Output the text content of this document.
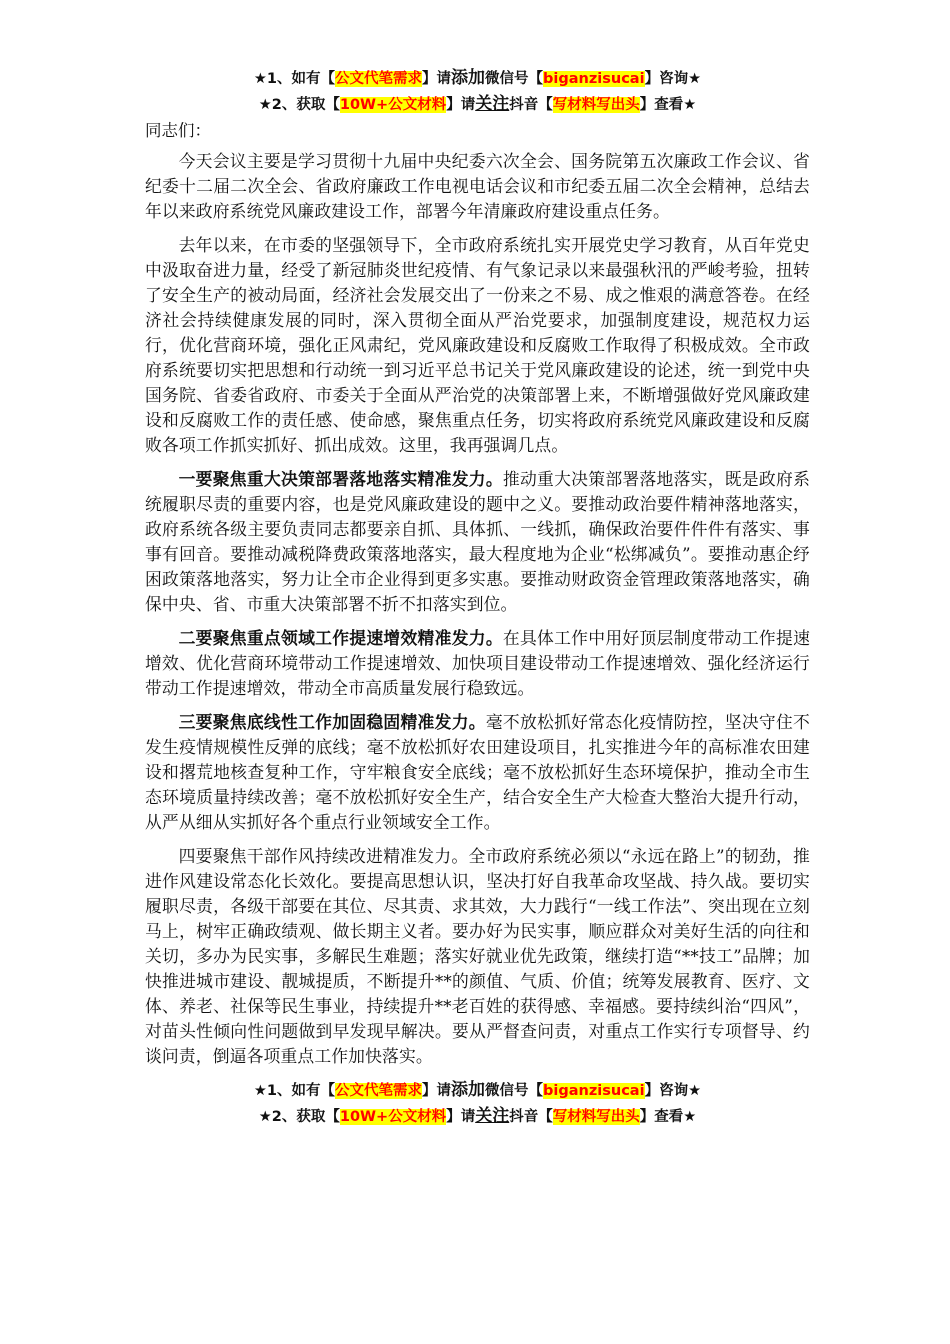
★1、如有【公文代笔需求】请添加微信号【biganzisucai】咨询★
★2、获取【10W+公文材料】请关注抖音【写材料写出头】查看★
同志们：

今天会议主要是学习贯彻十九届中央纪委六次全会、国务院第五次廉政工作会议、省纪委十二届二次全会、省政府廉政工作电视电话会议和市纪委五届二次全会精神，总结去年以来政府系统党风廉政建设工作，部署今年清廉政府建设重点任务。

去年以来，在市委的坚强领导下，全市政府系统扎实开展党史学习教育，从百年党史中汲取奋进力量，经受了新冠肺炎世纪疫情、有气象记录以来最强秋汛的严峻考验，扭转了安全生产的被动局面，经济社会发展交出了一份来之不易、成之惟艰的满意答卷。在经济社会持续健康发展的同时，深入贯彻全面从严治党要求，加强制度建设，规范权力运行，优化营商环境，强化正风肃纪，党风廉政建设和反腐败工作取得了积极成效。全市政府系统要切实把思想和行动统一到习近平总书记关于党风廉政建设的论述，统一到党中央国务院、省委省政府、市委关于全面从严治党的决策部署上来，不断增强做好党风廉政建设和反腐败工作的责任感、使命感，聚焦重点任务，切实将政府系统党风廉政建设和反腐败各项工作抓实抓好、抓出成效。这里，我再强调几点。

一要聚焦重大决策部署落地落实精准发力。推动重大决策部署落地落实，既是政府系统履职尽责的重要内容，也是党风廉政建设的题中之义。要推动政治要件精神落地落实，政府系统各级主要负责同志都要亲自抓、具体抓、一线抓，确保政治要件件件有落实、事事有回音。要推动减税降费政策落地落实，最大程度地为企业“松绑减负”。要推动惠企纾困政策落地落实，努力让全市企业得到更多实惠。要推动财政资金管理政策落地落实，确保中央、省、市重大决策部署不折不扣落实到位。

二要聚焦重点领域工作提速增效精准发力。在具体工作中用好顶层制度带动工作提速增效、优化营商环境带动工作提速增效、加快项目建设带动工作提速增效、强化经济运行带动工作提速增效，带动全市高质量发展行稳致远。

三要聚焦底线性工作加固稳固精准发力。毫不放松抓好常态化疫情防控，坚决守住不发生疫情规模性反弹的底线；毫不放松抓好农田建设项目，扎实推进今年的高标准农田建设和撂荒地核查复种工作，守牢粮食安全底线；毫不放松抓好生态环境保护，推动全市生态环境质量持续改善；毫不放松抓好安全生产，结合安全生产大检查大整治大提升行动，从严从细从实抓好各个重点行业领域安全工作。

四要聚焦干部作风持续改进精准发力。全市政府系统必须以“永远在路上”的韧劲，推进作风建设常态化长效化。要提高思想认识，坚决打好自我革命攻坚战、持久战。要切实履职尽责，各级干部要在其位、尽其责、求其效，大力践行“一线工作法”、突出现在立刻马上，树牢正确政绩观、做长期主义者。要办好为民实事，顺应群众对美好生活的向往和关切，多办为民实事，多解民生难题；落实好就业优先政策，继续打造“**技工”品牌；加快推进城市建设、靓城提质，不断提升**的颜值、气质、价值；统筹发展教育、医疗、文体、养老、社保等民生事业，持续提升**老百姓的获得感、幸福感。要持续纠治“四风”，对苗头性倾向性问题做到早发现早解决。要从严督查问责，对重点工作实行专项督导、约谈问责，倒逼各项重点工作加快落实。

★1、如有【公文代笔需求】请添加微信号【biganzisucai】咨询★
★2、获取【10W+公文材料】请关注抖音【写材料写出头】查看★
